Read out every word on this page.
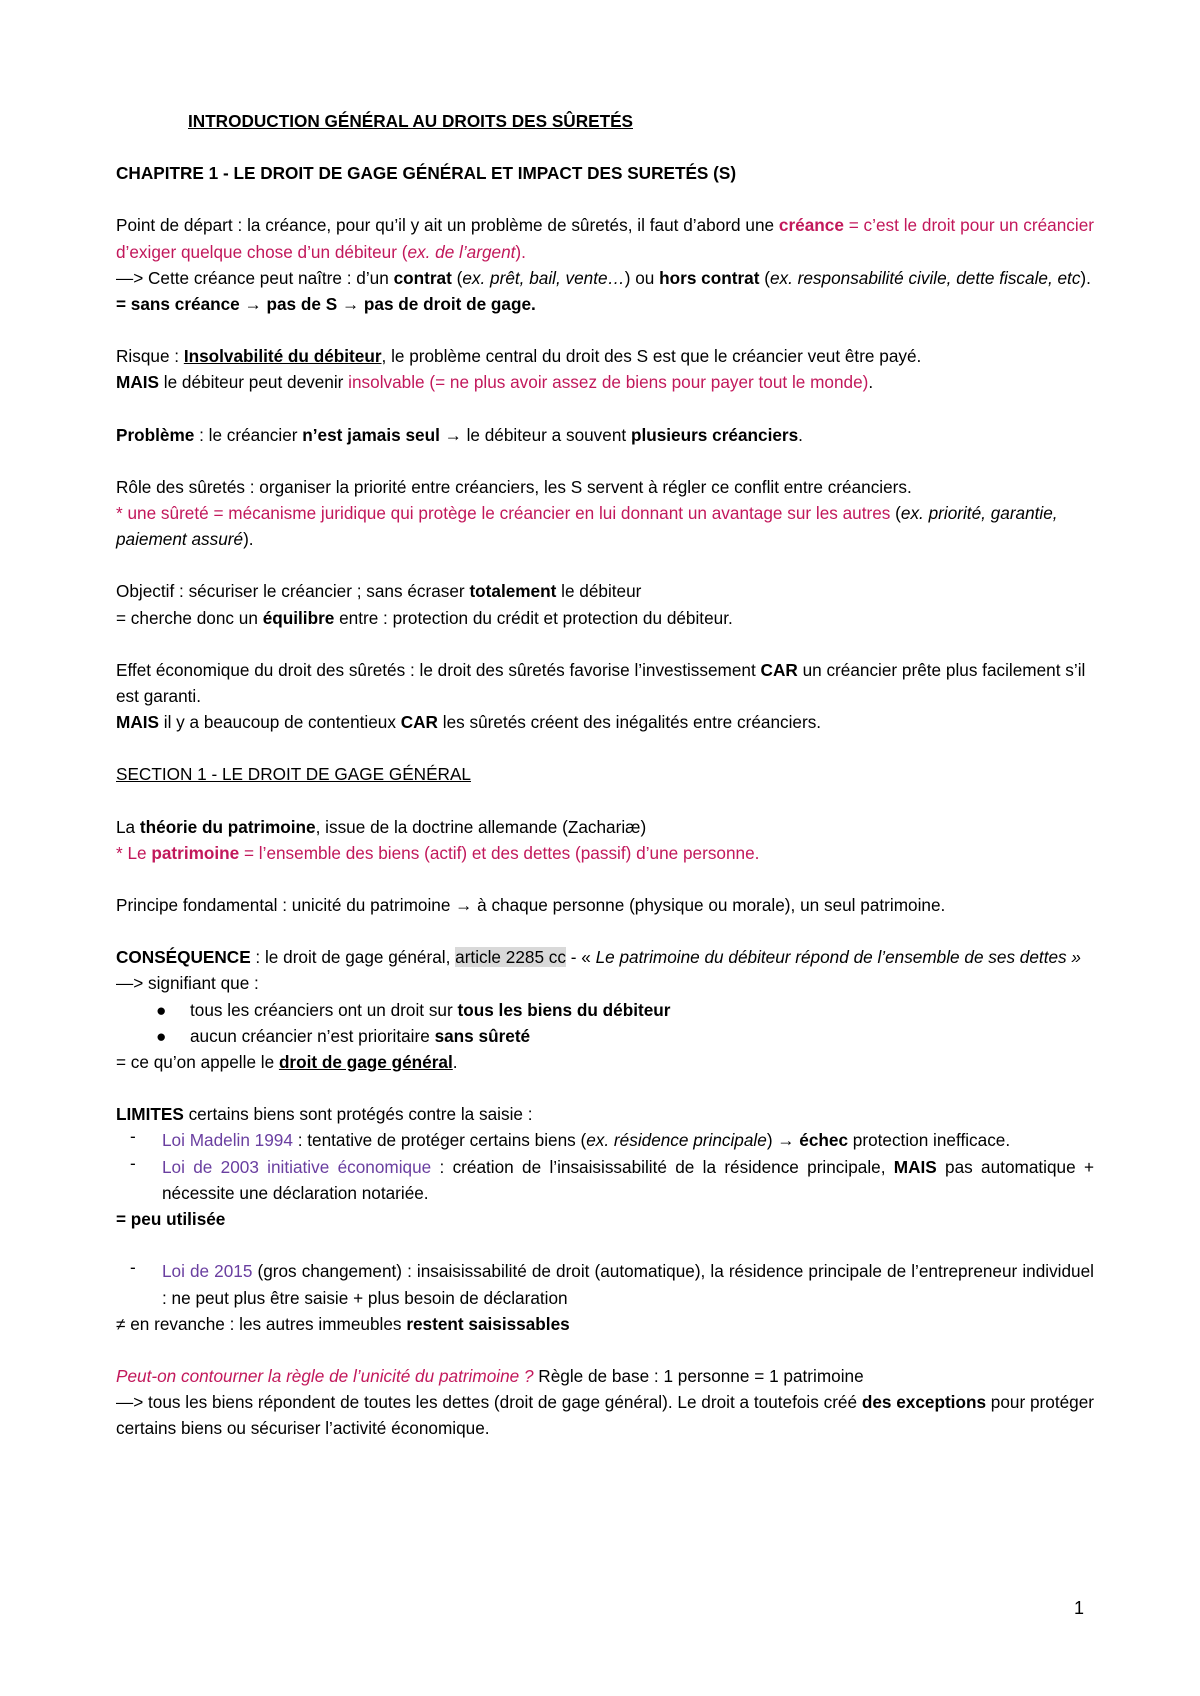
INTRODUCTION GÉNÉRAL AU DROITS DES SÛRETÉS

CHAPITRE 1 - LE DROIT DE GAGE GÉNÉRAL ET IMPACT DES SURETÉS (S)

Point de départ : la créance, pour qu’il y ait un problème de sûretés, il faut d’abord une créance = c’est le droit pour un créancier d’exiger quelque chose d’un débiteur (ex. de l’argent).

—> Cette créance peut naître : d’un contrat (ex. prêt, bail, vente…) ou hors contrat (ex. responsabilité civile, dette fiscale, etc).

= sans créance → pas de S → pas de droit de gage.

Risque : Insolvabilité du débiteur, le problème central du droit des S est que le créancier veut être payé.

MAIS le débiteur peut devenir insolvable (= ne plus avoir assez de biens pour payer tout le monde).

Problème : le créancier n’est jamais seul → le débiteur a souvent plusieurs créanciers.

Rôle des sûretés : organiser la priorité entre créanciers, les S servent à régler ce conflit entre créanciers.

* une sûreté = mécanisme juridique qui protège le créancier en lui donnant un avantage sur les autres (ex. priorité, garantie, paiement assuré).

Objectif : sécuriser le créancier ; sans écraser totalement le débiteur

= cherche donc un équilibre entre : protection du crédit et protection du débiteur.

Effet économique du droit des sûretés : le droit des sûretés favorise l’investissement CAR un créancier prête plus facilement s’il est garanti.

MAIS il y a beaucoup de contentieux CAR les sûretés créent des inégalités entre créanciers.

SECTION 1 - LE DROIT DE GAGE GÉNÉRAL

La théorie du patrimoine, issue de la doctrine allemande (Zachariæ)

* Le patrimoine = l’ensemble des biens (actif) et des dettes (passif) d’une personne.

Principe fondamental : unicité du patrimoine → à chaque personne (physique ou morale), un seul patrimoine.

CONSÉQUENCE : le droit de gage général, article 2285 cc - « Le patrimoine du débiteur répond de l’ensemble de ses dettes »

—> signifiant que :

● tous les créanciers ont un droit sur tous les biens du débiteur
● aucun créancier n’est prioritaire sans sûreté

= ce qu’on appelle le droit de gage général.

LIMITES certains biens sont protégés contre la saisie :

- Loi Madelin 1994 : tentative de protéger certains biens (ex. résidence principale) → échec protection inefficace.
- Loi de 2003 initiative économique : création de l’insaisissabilité de la résidence principale, MAIS pas automatique + nécessite une déclaration notariée.

= peu utilisée

- Loi de 2015 (gros changement) : insaisissabilité de droit (automatique), la résidence principale de l’entrepreneur individuel : ne peut plus être saisie + plus besoin de déclaration

≠ en revanche : les autres immeubles restent saisissables

Peut-on contourner la règle de l’unicité du patrimoine ? Règle de base : 1 personne = 1 patrimoine

—> tous les biens répondent de toutes les dettes (droit de gage général). Le droit a toutefois créé des exceptions pour protéger certains biens ou sécuriser l’activité économique.

1
